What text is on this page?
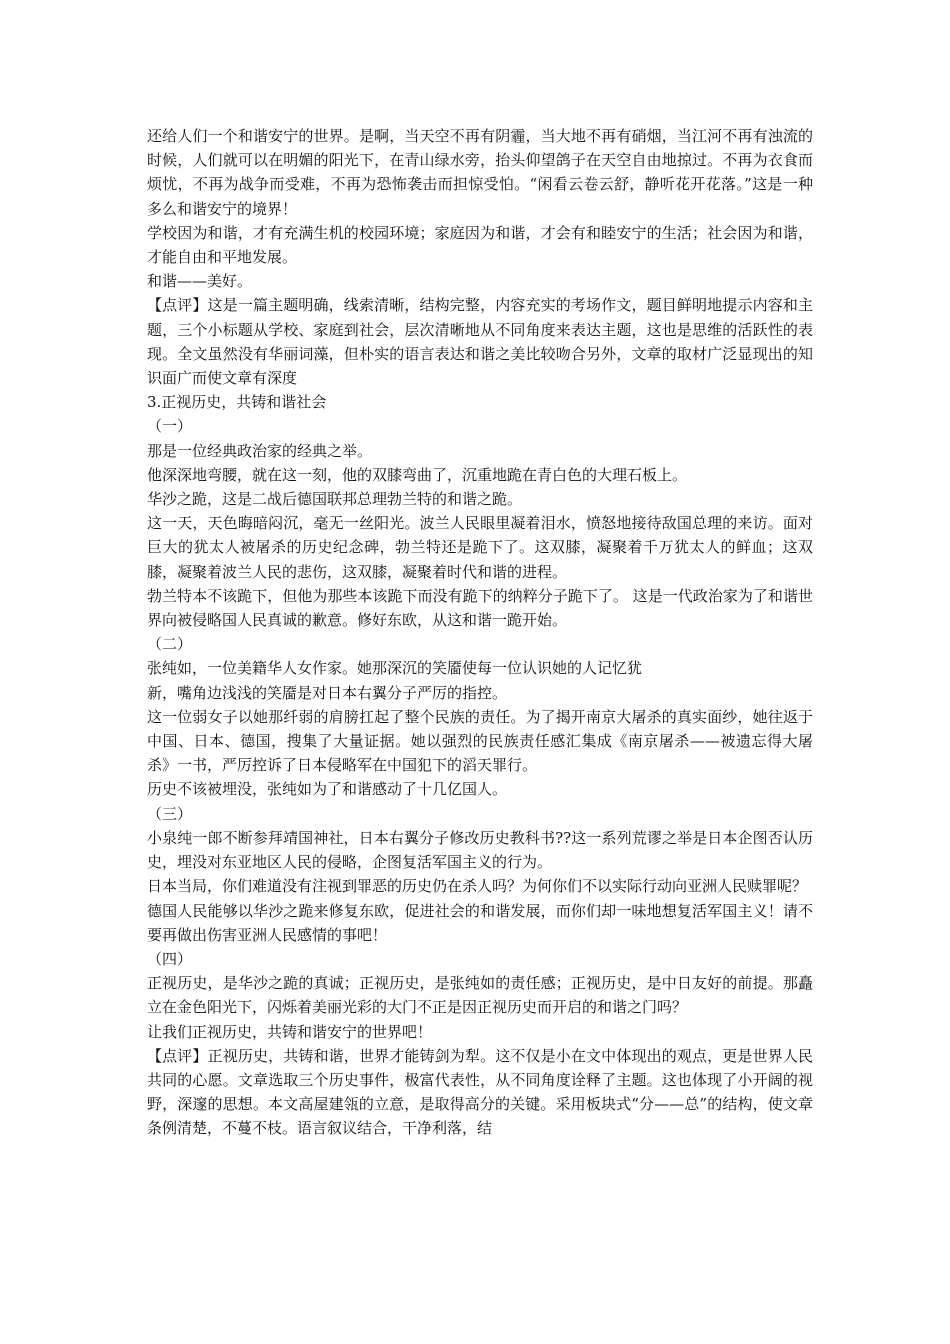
还给人们一个和谐安宁的世界。是啊，当天空不再有阴霾，当大地不再有硝烟，当江河不再有浊流的时候，人们就可以在明媚的阳光下，在青山绿水旁，抬头仰望鸽子在天空自由地掠过。不再为衣食而烦忧，不再为战争而受难，不再为恐怖袭击而担惊受怕。“闲看云卷云舒，静听花开花落。”这是一种多么和谐安宁的境界！

学校因为和谐，才有充满生机的校园环境；家庭因为和谐，才会有和睦安宁的生活；社会因为和谐，才能自由和平地发展。

和谐——美好。

【点评】这是一篇主题明确，线索清晰，结构完整，内容充实的考场作文，题目鲜明地提示内容和主题，三个小标题从学校、家庭到社会，层次清晰地从不同角度来表达主题，这也是思维的活跃性的表现。全文虽然没有华丽词藻，但朴实的语言表达和谐之美比较吻合另外，文章的取材广泛显现出的知识面广而使文章有深度

3.正视历史，共铸和谐社会

（一）

那是一位经典政治家的经典之举。

他深深地弯腰，就在这一刻，他的双膝弯曲了，沉重地跪在青白色的大理石板上。

华沙之跪，这是二战后德国联邦总理勃兰特的和谐之跪。

这一天，天色晦暗闷沉，毫无一丝阳光。波兰人民眼里凝着泪水，愤怒地接待敌国总理的来访。面对巨大的犹太人被屠杀的历史纪念碑，勃兰特还是跪下了。这双膝，凝聚着千万犹太人的鲜血；这双膝，凝聚着波兰人民的悲伤，这双膝，凝聚着时代和谐的进程。

勃兰特本不该跪下，但他为那些本该跪下而没有跪下的纳粹分子跪下了。 这是一代政治家为了和谐世界向被侵略国人民真诚的歉意。修好东欧，从这和谐一跪开始。

（二）

张纯如，一位美籍华人女作家。她那深沉的笑靥使每一位认识她的人记忆犹

新，嘴角边浅浅的笑靥是对日本右翼分子严厉的指控。

这一位弱女子以她那纤弱的肩膀扛起了整个民族的责任。为了揭开南京大屠杀的真实面纱，她往返于中国、日本、德国，搜集了大量证据。她以强烈的民族责任感汇集成《南京屠杀——被遗忘得大屠杀》一书，严厉控诉了日本侵略军在中国犯下的滔天罪行。

历史不该被埋没，张纯如为了和谐感动了十几亿国人。

（三）

小泉纯一郎不断参拜靖国神社，日本右翼分子修改历史教科书??这一系列荒谬之举是日本企图否认历史，埋没对东亚地区人民的侵略，企图复活军国主义的行为。

日本当局，你们难道没有注视到罪恶的历史仍在杀人吗？为何你们不以实际行动向亚洲人民赎罪呢？

德国人民能够以华沙之跪来修复东欧，促进社会的和谐发展，而你们却一味地想复活军国主义！请不要再做出伤害亚洲人民感情的事吧！

（四）

正视历史，是华沙之跪的真诚；正视历史，是张纯如的责任感；正视历史，是中日友好的前提。那矗立在金色阳光下，闪烁着美丽光彩的大门不正是因正视历史而开启的和谐之门吗？

让我们正视历史，共铸和谐安宁的世界吧！

【点评】正视历史，共铸和谐，世界才能铸剑为犁。这不仅是小在文中体现出的观点，更是世界人民共同的心愿。文章选取三个历史事件，极富代表性，从不同角度诠释了主题。这也体现了小开阔的视野，深邃的思想。本文高屋建瓴的立意，是取得高分的关键。采用板块式“分——总”的结构，使文章条例清楚，不蔓不枝。语言叙议结合，干净利落，结
